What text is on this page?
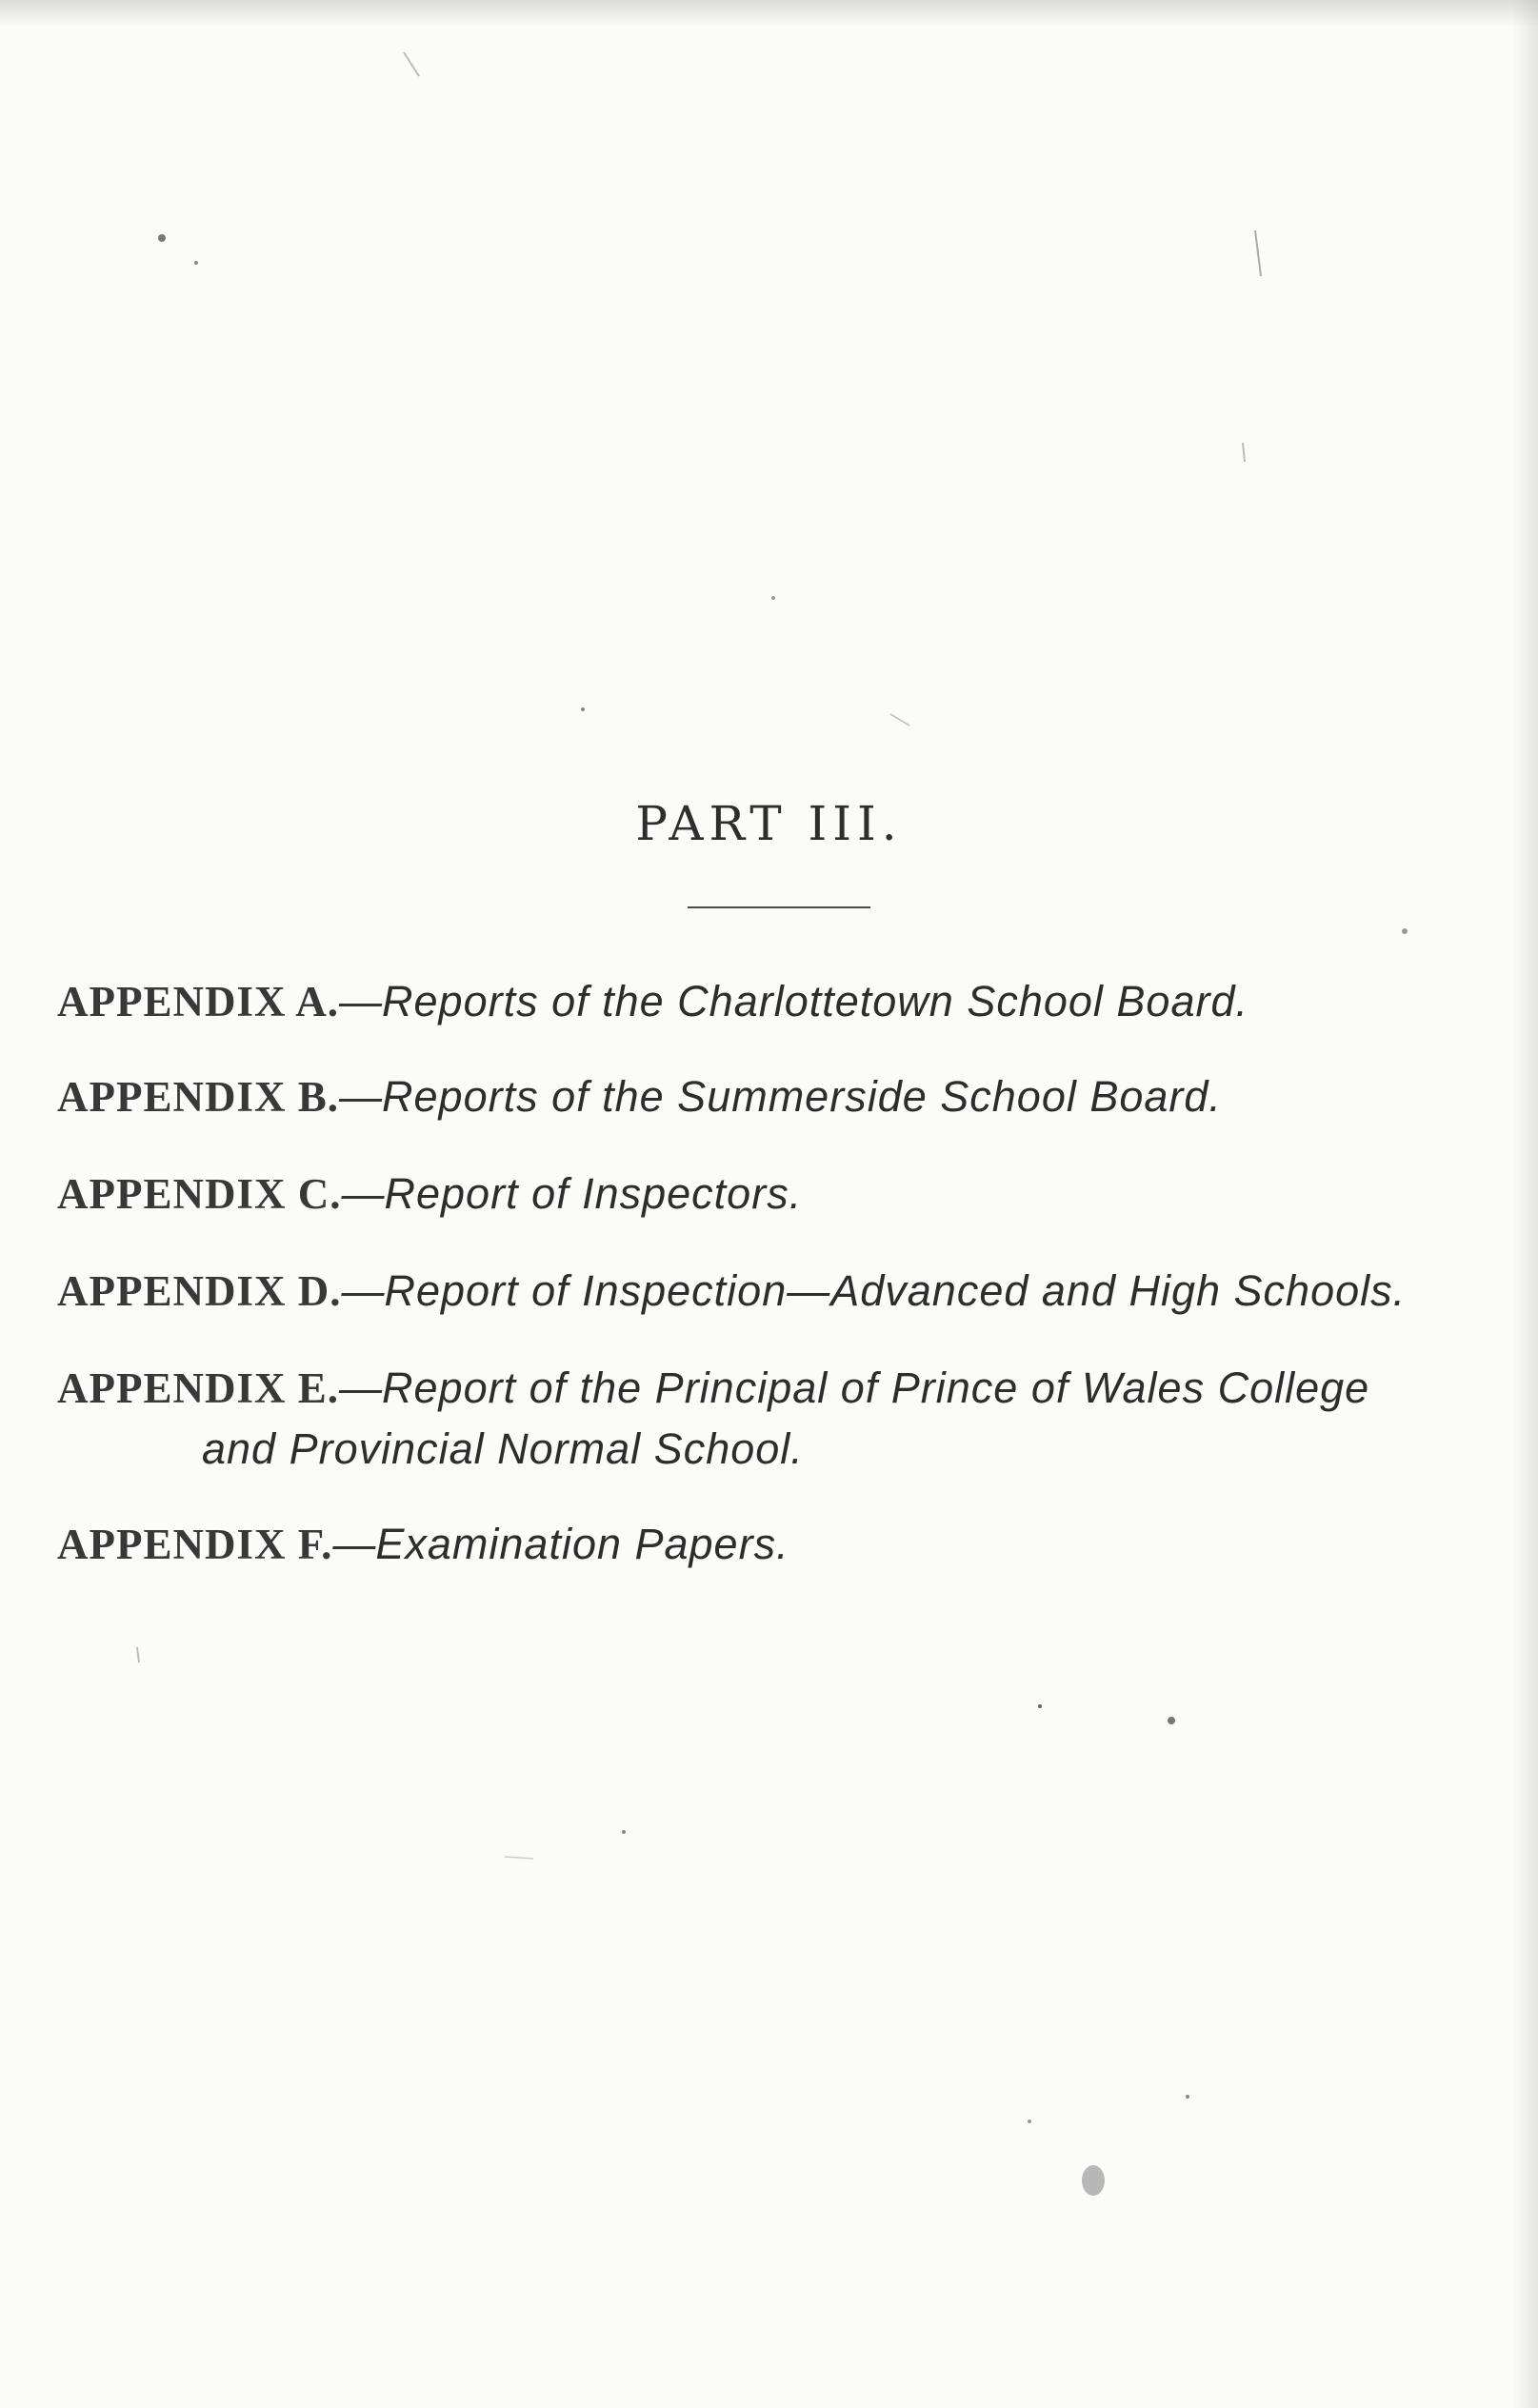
PART III.
APPENDIX A.—Reports of the Charlottetown School Board.
APPENDIX B.—Reports of the Summerside School Board.
APPENDIX C.—Report of Inspectors.
APPENDIX D.—Report of Inspection—Advanced and High Schools.
APPENDIX E.—Report of the Principal of Prince of Wales College
and Provincial Normal School.
APPENDIX F.—Examination Papers.
